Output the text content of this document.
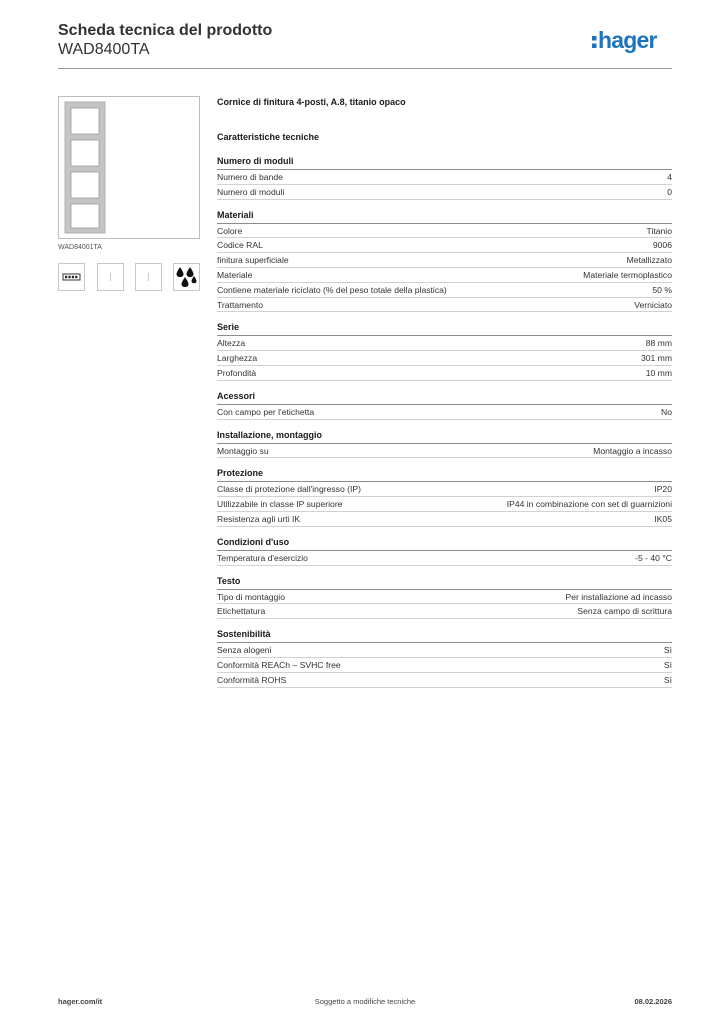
Scheda tecnica del prodotto
WAD8400TA	hager
WAD84001TA
Cornice di finitura 4-posti, A.8, titanio opaco
Caratteristiche tecniche
Numero di moduli
Numero di bande	4
Numero di moduli	0
Materiali
Colore	Titanio
Codice RAL	9006
finitura superficiale	Metallizzato
Materiale	Materiale termoplastico
Contiene materiale riciclato (% del peso totale della plastica)	50 %
Trattamento	Verniciato
Serie
Altezza	88 mm
Larghezza	301 mm
Profondità	10 mm
Acessori
Con campo per l'etichetta	No
Installazione, montaggio
Montaggio su	Montaggio a incasso
Protezione
Classe di protezione dall'ingresso (IP)	IP20
Utilizzabile in classe IP superiore	IP44 in combinazione con set di guarnizioni
Resistenza agli urti IK	IK05
Condizioni d'uso
Temperatura d'esercizio	-5 - 40 °C
Testo
Tipo di montaggio	Per installazione ad incasso
Etichettatura	Senza campo di scrittura
Sostenibilità
Senza alogeni	Sì
Conformità REACh – SVHC free	Sì
Conformità ROHS	Sì
hager.com/it	Soggetto a modifiche tecniche	08.02.2026
